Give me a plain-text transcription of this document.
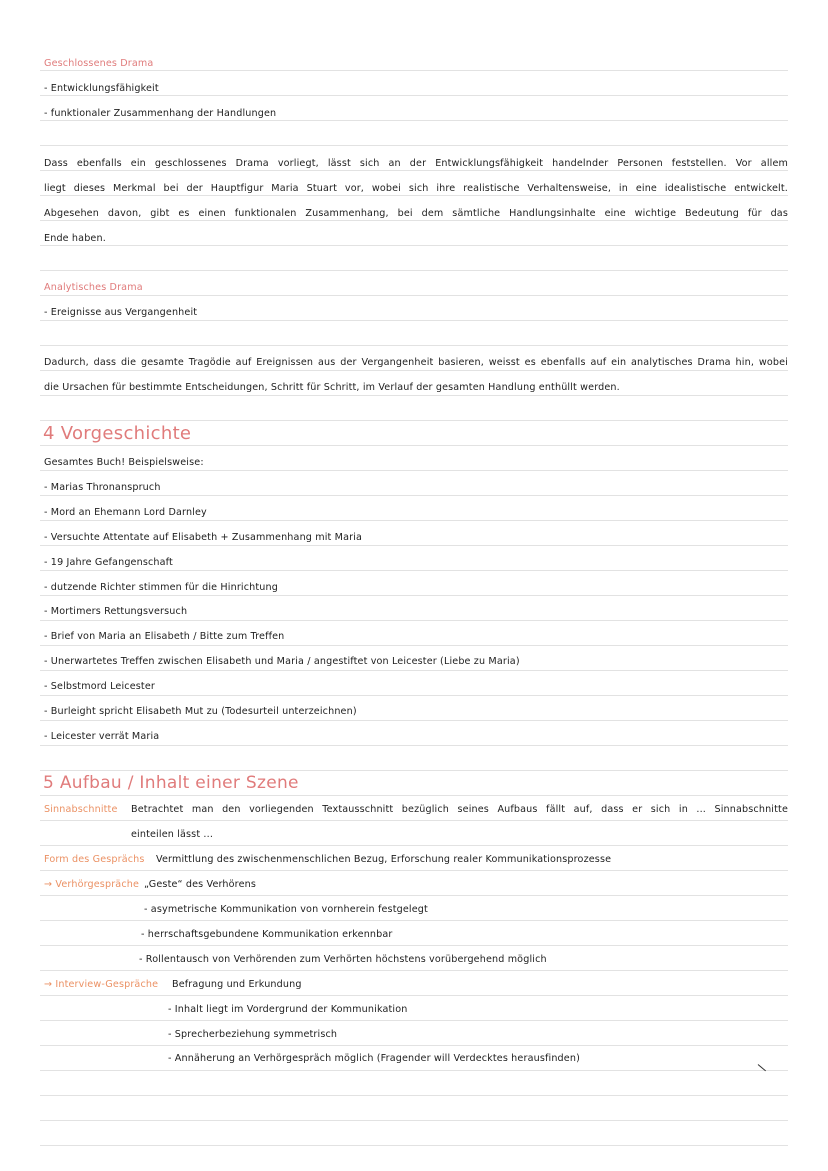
Geschlossenes Drama
- Entwicklungsfähigkeit
- funktionaler Zusammenhang der Handlungen
Dass ebenfalls ein geschlossenes Drama vorliegt, lässt sich an der Entwicklungsfähigkeit handelnder Personen feststellen. Vor allem
liegt dieses Merkmal bei der Hauptfigur Maria Stuart vor, wobei sich ihre realistische Verhaltensweise, in eine idealistische entwickelt.
Abgesehen davon, gibt es einen funktionalen Zusammenhang, bei dem sämtliche Handlungsinhalte eine wichtige Bedeutung für das
Ende haben.
Analytisches Drama
- Ereignisse aus Vergangenheit
Dadurch, dass die gesamte Tragödie auf Ereignissen aus der Vergangenheit basieren, weisst es ebenfalls auf ein analytisches Drama hin, wobei
die Ursachen für bestimmte Entscheidungen, Schritt für Schritt, im Verlauf der gesamten Handlung enthüllt werden.
4 Vorgeschichte
Gesamtes Buch! Beispielsweise:
- Marias Thronanspruch
- Mord an Ehemann Lord Darnley
- Versuchte Attentate auf Elisabeth + Zusammenhang mit Maria
- 19 Jahre Gefangenschaft
- dutzende Richter stimmen für die Hinrichtung
- Mortimers Rettungsversuch
- Brief von Maria an Elisabeth / Bitte zum Treffen
- Unerwartetes Treffen zwischen Elisabeth und Maria / angestiftet von Leicester (Liebe zu Maria)
- Selbstmord Leicester
- Burleight spricht Elisabeth Mut zu (Todesurteil unterzeichnen)
- Leicester verrät Maria
5 Aufbau / Inhalt einer Szene
Sinnabschnitte Betrachtet man den vorliegenden Textausschnitt bezüglich seines Aufbaus fällt auf, dass er sich in ... Sinnabschnitte
einteilen lässt ...
Form des Gesprächs Vermittlung des zwischenmenschlichen Bezug, Erforschung realer Kommunikationsprozesse
→ Verhörgespräche „Geste“ des Verhörens
- asymetrische Kommunikation von vornherein festgelegt
- herrschaftsgebundene Kommunikation erkennbar
- Rollentausch von Verhörenden zum Verhörten höchstens vorübergehend möglich
→ Interview-Gespräche Befragung und Erkundung
- Inhalt liegt im Vordergrund der Kommunikation
- Sprecherbeziehung symmetrisch
- Annäherung an Verhörgespräch möglich (Fragender will Verdecktes herausfinden)
